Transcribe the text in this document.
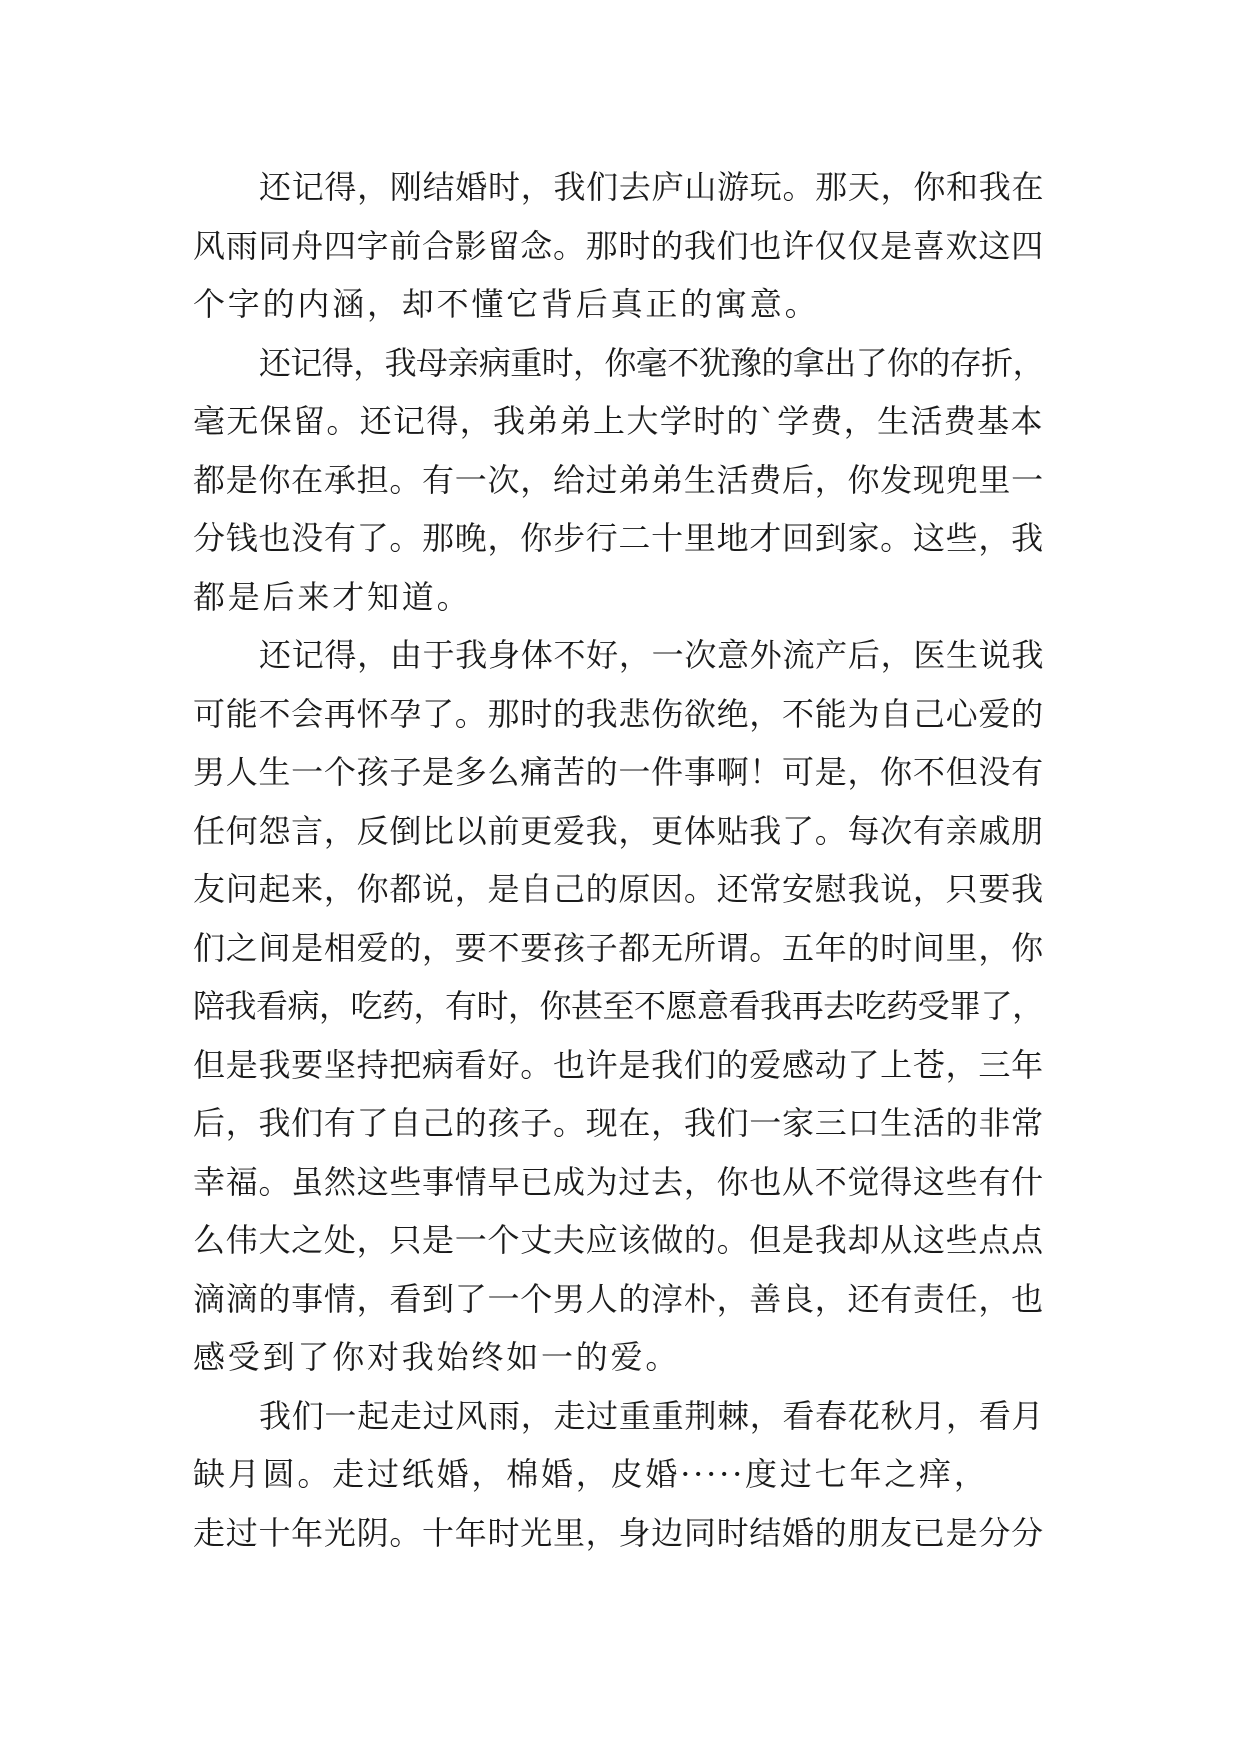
还记得，刚结婚时，我们去庐山游玩。那天，你和我在
风雨同舟四字前合影留念。那时的我们也许仅仅是喜欢这四
个字的内涵，却不懂它背后真正的寓意。
还记得，我母亲病重时，你毫不犹豫的拿出了你的存折，
毫无保留。还记得，我弟弟上大学时的`学费，生活费基本
都是你在承担。有一次，给过弟弟生活费后，你发现兜里一
分钱也没有了。那晚，你步行二十里地才回到家。这些，我
都是后来才知道。
还记得，由于我身体不好，一次意外流产后，医生说我
可能不会再怀孕了。那时的我悲伤欲绝，不能为自己心爱的
男人生一个孩子是多么痛苦的一件事啊！可是，你不但没有
任何怨言，反倒比以前更爱我，更体贴我了。每次有亲戚朋
友问起来，你都说，是自己的原因。还常安慰我说，只要我
们之间是相爱的，要不要孩子都无所谓。五年的时间里，你
陪我看病，吃药，有时，你甚至不愿意看我再去吃药受罪了，
但是我要坚持把病看好。也许是我们的爱感动了上苍，三年
后，我们有了自己的孩子。现在，我们一家三口生活的非常
幸福。虽然这些事情早已成为过去，你也从不觉得这些有什
么伟大之处，只是一个丈夫应该做的。但是我却从这些点点
滴滴的事情，看到了一个男人的淳朴，善良，还有责任，也
感受到了你对我始终如一的爱。
我们一起走过风雨，走过重重荆棘，看春花秋月，看月
缺月圆。走过纸婚，棉婚，皮婚·····度过七年之痒，
走过十年光阴。十年时光里，身边同时结婚的朋友已是分分
